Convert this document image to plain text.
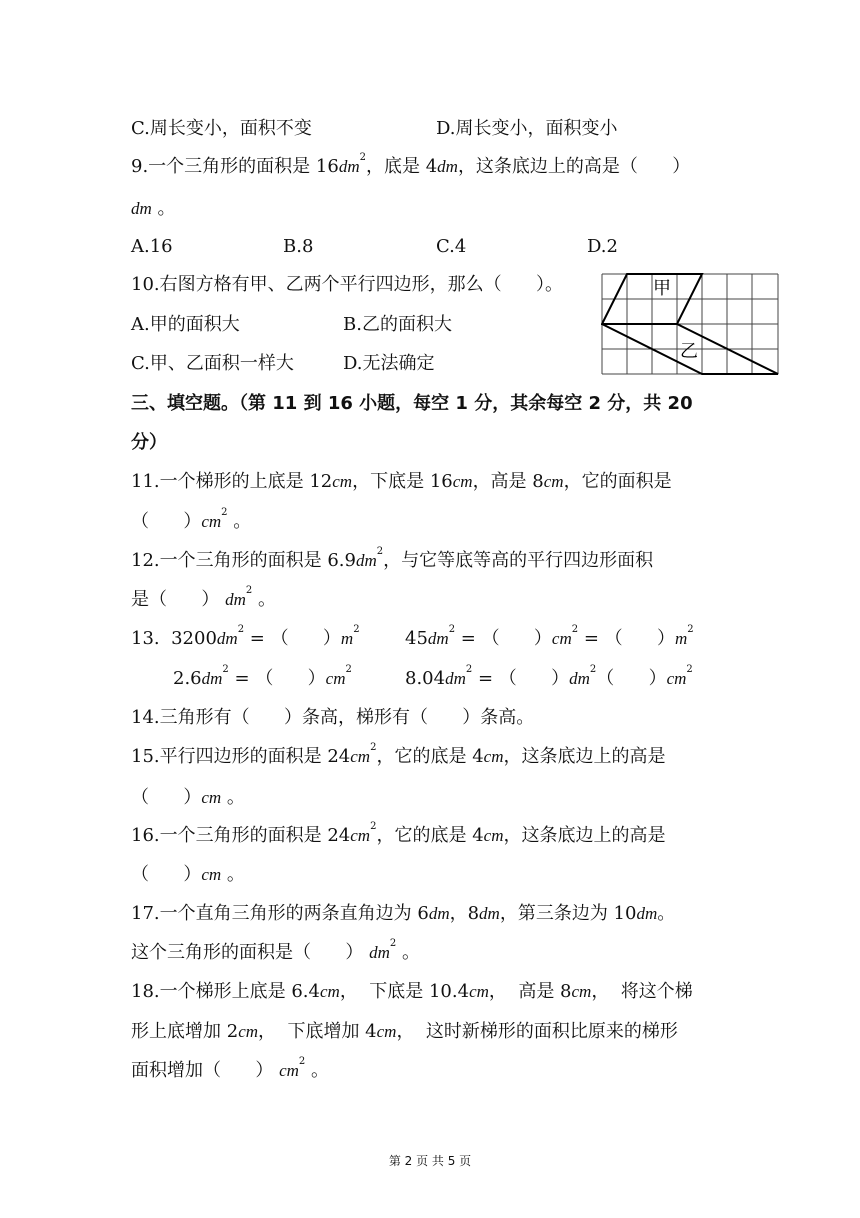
C.周长变小，面积不变	D.周长变小，面积变小
9.一个三角形的面积是 $16dm^2$，底是 4dm，这条底边上的高是（      ）
dm 。
A.16	B.8	C.4	D.2
10.右图方格有甲、乙两个平行四边形，那么（      ）。
A.甲的面积大	B.乙的面积大
C.甲、乙面积一样大	D.无法确定
甲
乙
三、填空题。（第 11 到 16 小题，每空 1 分，其余每空 2 分，共 20
分）
11.一个梯形的上底是 12cm，下底是 16cm，高是 8cm，它的面积是
（      ）$cm^2$ 。
12.一个三角形的面积是 $6.9dm^2$，与它等底等高的平行四边形面积
是（      ） $dm^2$ 。
13. $3200dm^2$ = （      ）$m^2$	$45dm^2$ = （      ）$cm^2$ = （      ）$m^2$
$2.6dm^2$ = （      ）$cm^2$	$8.04dm^2$ = （      ）$dm^2$（      ）$cm^2$
14.三角形有（      ）条高，梯形有（      ）条高。
15.平行四边形的面积是 $24cm^2$，它的底是 4cm，这条底边上的高是
（      ）cm 。
16.一个三角形的面积是 $24cm^2$，它的底是 4cm，这条底边上的高是
（      ）cm 。
17.一个直角三角形的两条直角边为 6dm，8dm，第三条边为 10dm。
这个三角形的面积是（      ） $dm^2$ 。
18.一个梯形上底是 6.4cm，  下底是 10.4cm，  高是 8cm，  将这个梯
形上底增加 2cm，  下底增加 4cm，  这时新梯形的面积比原来的梯形
面积增加（      ） $cm^2$ 。
第 2 页 共 5 页
